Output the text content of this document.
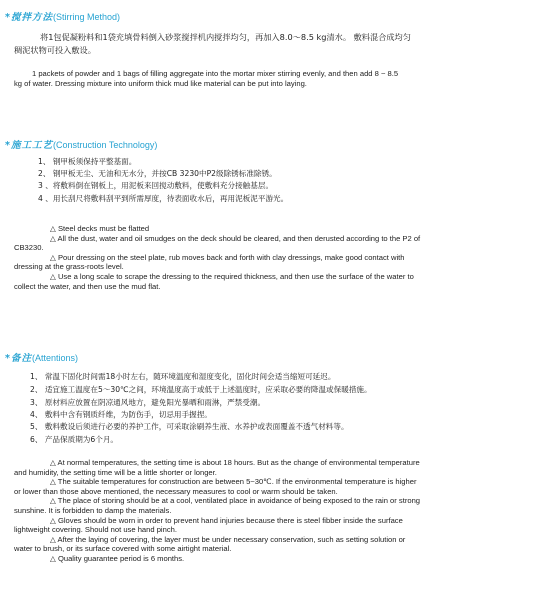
*搅拌方法(Stirring Method)
将1包促凝粉料和1袋充填骨料倒入砂浆搅拌机内搅拌均匀，再加入8.0～8.5 kg清水。 敷料混合成均匀
稠泥状物可投入敷设。
1 packets of powder and 1 bags of filling aggregate into the mortar mixer stirring evenly, and then add 8 ~ 8.5
kg of water. Dressing mixture into uniform thick mud like material can be put into laying.
*施工工艺(Construction Technology)
1、 钢甲板须保持平整基面。
2、 钢甲板无尘、无油和无水分，并按CB 3230中P2级除锈标准除锈。
3 、将敷料倒在钢板上，用泥板来回搅动敷料，使敷料充分接触基层。
4 、用长刮尺将敷料刮平到所需厚度，待表面收水后，再用泥板泥平游光。
△ Steel decks must be flatted
△ All the dust, water and oil smudges on the deck should be cleared, and then derusted according to the P2 of
CB3230.
△ Pour dressing on the steel plate, rub moves back and forth with clay dressings, make good contact with
dressing at the grass-roots level.
△ Use a long scale to scrape the dressing to the required thickness, and then use the surface of the water to
collect the water, and then use the mud flat.
*备注(Attentions)
1、 常温下固化时间需18小时左右，随环境温度和湿度变化，固化时间会适当缩短可延迟。
2、 适宜施工温度在5～30℃之间，环境温度高于或低于上述温度时，应采取必要的降温或保暖措施。
3、 原材料应放置在阴凉通风地方，避免阳光暴晒和雨淋，严禁受潮。
4、 敷料中含有钢质纤维，为防伤手，切忌用手握捏。
5、 敷料敷设后须进行必要的养护工作，可采取涂刷养生液、水养护或表面覆盖不透气材料等。
6、 产品保质期为6个月。
△ At normal temperatures, the setting time is about 18 hours. But as the change of environmental temperature
and humidity, the setting time will be a little shorter or longer.
△ The suitable temperatures for construction are between 5~30℃. If the environmental temperature is higher
or lower than those above mentioned, the necessary measures to cool or warm should be taken.
△ The place of storing should be at a cool, ventilated place in avoidance of being exposed to the rain or strong
sunshine. It is forbidden to damp the materials.
△ Gloves should be worn in order to prevent hand injuries because there is steel fibber inside the surface
lightweight covering. Should not use hand pinch.
△ After the laying of covering, the layer must be under necessary conservation, such as setting solution or
water to brush, or its surface covered with some airtight material.
△ Quality guarantee period is 6 months.
